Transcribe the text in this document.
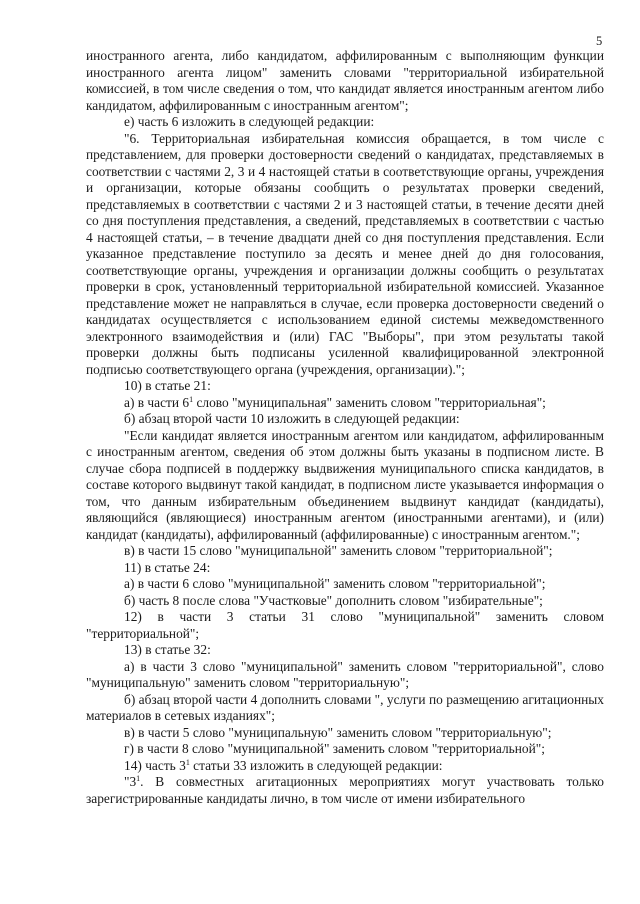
5

иностранного агента, либо кандидатом, аффилированным с выполняющим функции иностранного агента лицом" заменить словами "территориальной избирательной комиссией, в том числе сведения о том, что кандидат является иностранным агентом либо кандидатом, аффилированным с иностранным агентом";

е) часть 6 изложить в следующей редакции:

"6. Территориальная избирательная комиссия обращается, в том числе с представлением, для проверки достоверности сведений о кандидатах, представляемых в соответствии с частями 2, 3 и 4 настоящей статьи в соответствующие органы, учреждения и организации, которые обязаны сообщить о результатах проверки сведений, представляемых в соответствии с частями 2 и 3 настоящей статьи, в течение десяти дней со дня поступления представления, а сведений, представляемых в соответствии с частью 4 настоящей статьи, – в течение двадцати дней со дня поступления представления. Если указанное представление поступило за десять и менее дней до дня голосования, соответствующие органы, учреждения и организации должны сообщить о результатах проверки в срок, установленный территориальной избирательной комиссией. Указанное представление может не направляться в случае, если проверка достоверности сведений о кандидатах осуществляется с использованием единой системы межведомственного электронного взаимодействия и (или) ГАС "Выборы", при этом результаты такой проверки должны быть подписаны усиленной квалифицированной электронной подписью соответствующего органа (учреждения, организации).";

10) в статье 21:

а) в части $6^1$ слово "муниципальная" заменить словом "территориальная";

б) абзац второй части 10 изложить в следующей редакции:

"Если кандидат является иностранным агентом или кандидатом, аффилированным с иностранным агентом, сведения об этом должны быть указаны в подписном листе. В случае сбора подписей в поддержку выдвижения муниципального списка кандидатов, в составе которого выдвинут такой кандидат, в подписном листе указывается информация о том, что данным избирательным объединением выдвинут кандидат (кандидаты), являющийся (являющиеся) иностранным агентом (иностранными агентами), и (или) кандидат (кандидаты), аффилированный (аффилированные) с иностранным агентом.";

в) в части 15 слово "муниципальной" заменить словом "территориальной";

11) в статье 24:

а) в части 6 слово "муниципальной" заменить словом "территориальной";

б) часть 8 после слова "Участковые" дополнить словом "избирательные";

12) в части 3 статьи 31 слово "муниципальной" заменить словом "территориальной";

13) в статье 32:

а) в части 3 слово "муниципальной" заменить словом "территориальной", слово "муниципальную" заменить словом "территориальную";

б) абзац второй части 4 дополнить словами ", услуги по размещению агитационных материалов в сетевых изданиях";

в) в части 5 слово "муниципальную" заменить словом "территориальную";

г) в части 8 слово "муниципальной" заменить словом "территориальной";

14) часть $3^1$ статьи 33 изложить в следующей редакции:

"$3^1$. В совместных агитационных мероприятиях могут участвовать только зарегистрированные кандидаты лично, в том числе от имени избирательного
